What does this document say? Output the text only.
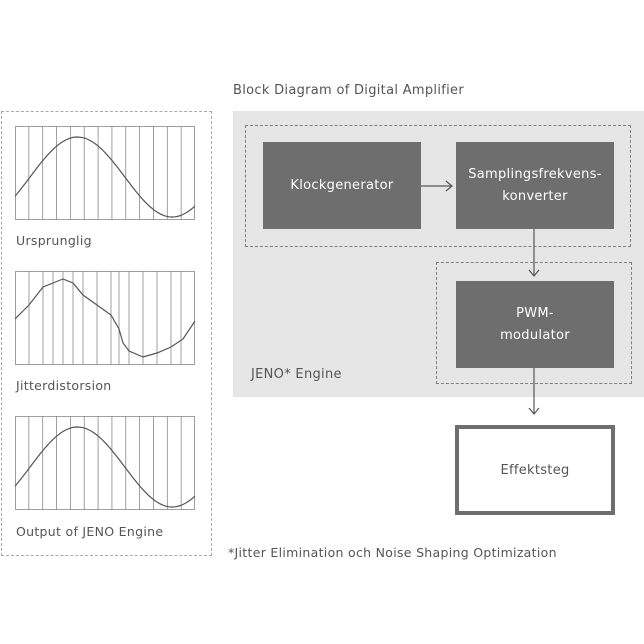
Block Diagram of Digital Amplifier
Ursprunglig
Jitterdistorsion
Output of JENO Engine
Klockgenerator
Samplingsfrekvens-
konverter
PWM-
modulator
JENO* Engine
Effektsteg
*Jitter Elimination och Noise Shaping Optimization
